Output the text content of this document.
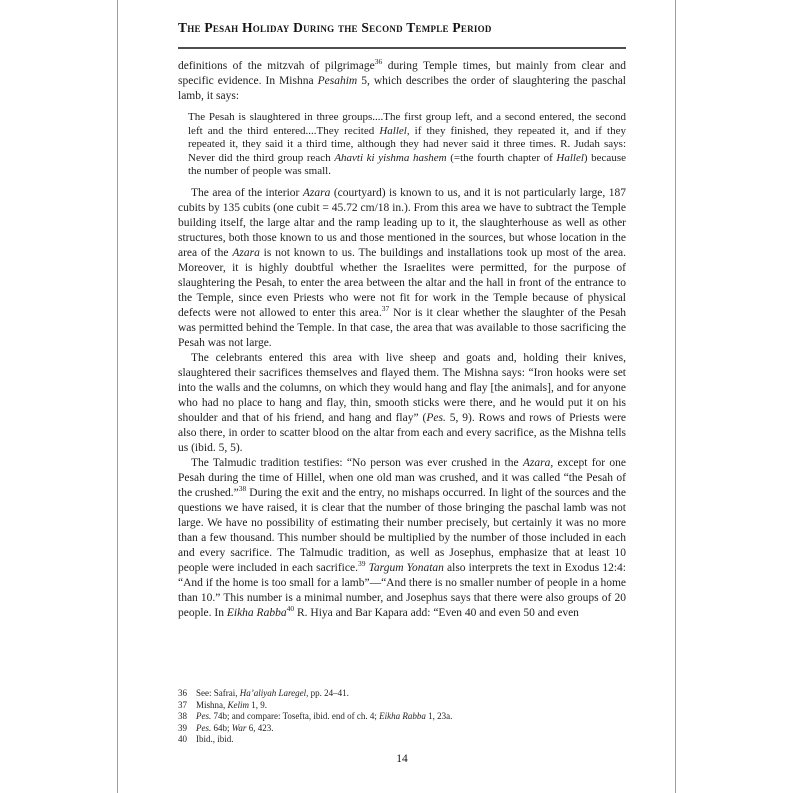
The Pesah Holiday During the Second Temple Period
definitions of the mitzvah of pilgrimage$^{36}$ during Temple times, but mainly from clear and specific evidence. In Mishna Pesahim 5, which describes the order of slaughtering the paschal lamb, it says:
The Pesah is slaughtered in three groups....The first group left, and a second entered, the second left and the third entered....They recited Hallel, if they finished, they repeated it, and if they repeated it, they said it a third time, although they had never said it three times. R. Judah says: Never did the third group reach Ahavti ki yishma hashem (=the fourth chapter of Hallel) because the number of people was small.
The area of the interior Azara (courtyard) is known to us, and it is not particularly large, 187 cubits by 135 cubits (one cubit = 45.72 cm/18 in.). From this area we have to subtract the Temple building itself, the large altar and the ramp leading up to it, the slaughterhouse as well as other structures, both those known to us and those mentioned in the sources, but whose location in the area of the Azara is not known to us. The buildings and installations took up most of the area. Moreover, it is highly doubtful whether the Israelites were permitted, for the purpose of slaughtering the Pesah, to enter the area between the altar and the hall in front of the entrance to the Temple, since even Priests who were not fit for work in the Temple because of physical defects were not allowed to enter this area.$^{37}$ Nor is it clear whether the slaughter of the Pesah was permitted behind the Temple. In that case, the area that was available to those sacrificing the Pesah was not large.
The celebrants entered this area with live sheep and goats and, holding their knives, slaughtered their sacrifices themselves and flayed them. The Mishna says: “Iron hooks were set into the walls and the columns, on which they would hang and flay [the animals], and for anyone who had no place to hang and flay, thin, smooth sticks were there, and he would put it on his shoulder and that of his friend, and hang and flay” (Pes. 5, 9). Rows and rows of Priests were also there, in order to scatter blood on the altar from each and every sacrifice, as the Mishna tells us (ibid. 5, 5).
The Talmudic tradition testifies: “No person was ever crushed in the Azara, except for one Pesah during the time of Hillel, when one old man was crushed, and it was called “the Pesah of the crushed.”$^{38}$ During the exit and the entry, no mishaps occurred. In light of the sources and the questions we have raised, it is clear that the number of those bringing the paschal lamb was not large. We have no possibility of estimating their number precisely, but certainly it was no more than a few thousand. This number should be multiplied by the number of those included in each and every sacrifice. The Talmudic tradition, as well as Josephus, emphasize that at least 10 people were included in each sacrifice.$^{39}$ Targum Yonatan also interprets the text in Exodus 12:4: “And if the home is too small for a lamb”—“And there is no smaller number of people in a home than 10.” This number is a minimal number, and Josephus says that there were also groups of 20 people. In Eikha Rabba$^{40}$ R. Hiya and Bar Kapara add: “Even 40 and even 50 and even
36	See: Safrai, Ha’aliyah Laregel, pp. 24–41.
37	Mishna, Kelim 1, 9.
38	Pes. 74b; and compare: Tosefta, ibid. end of ch. 4; Eikha Rabba 1, 23a.
39	Pes. 64b; War 6, 423.
40	Ibid., ibid.
14
